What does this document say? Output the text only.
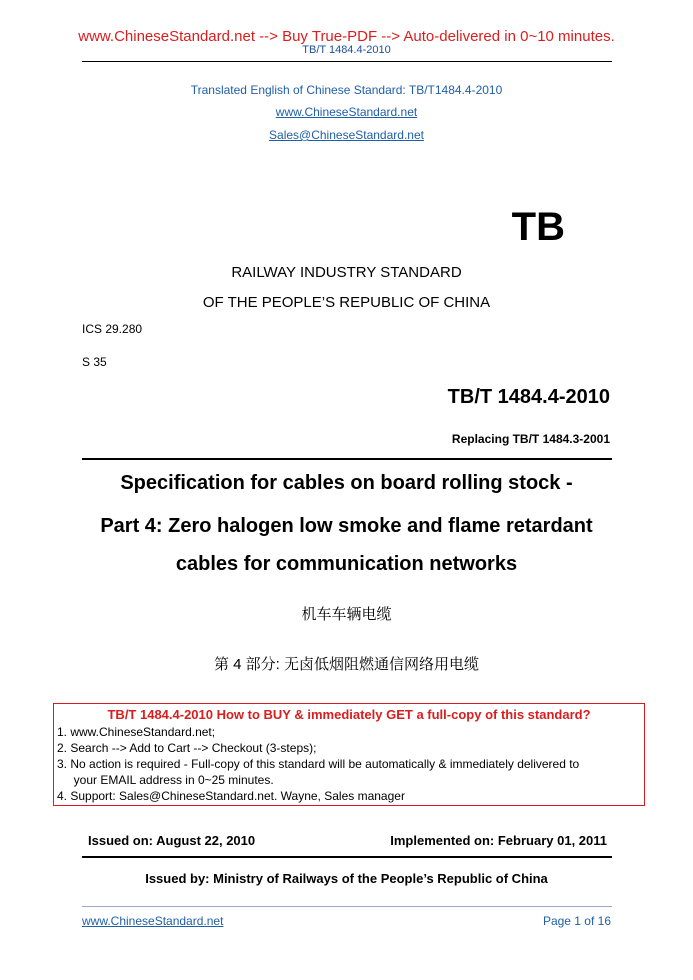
www.ChineseStandard.net --> Buy True-PDF --> Auto-delivered in 0~10 minutes.
TB/T 1484.4-2010
Translated English of Chinese Standard: TB/T1484.4-2010
www.ChineseStandard.net
Sales@ChineseStandard.net
TB
RAILWAY INDUSTRY STANDARD
OF THE PEOPLE’S REPUBLIC OF CHINA
ICS 29.280
S 35
TB/T 1484.4-2010
Replacing TB/T 1484.3-2001
Specification for cables on board rolling stock -
Part 4: Zero halogen low smoke and flame retardant
cables for communication networks
机车车辆电缆
第 4 部分: 无卤低烟阻燃通信网络用电缆
TB/T 1484.4-2010 How to BUY & immediately GET a full-copy of this standard?
1. www.ChineseStandard.net;
2. Search --> Add to Cart --> Checkout (3-steps);
3. No action is required - Full-copy of this standard will be automatically & immediately delivered to
your EMAIL address in 0~25 minutes.
4. Support: Sales@ChineseStandard.net. Wayne, Sales manager
Issued on: August 22, 2010	Implemented on: February 01, 2011
Issued by: Ministry of Railways of the People’s Republic of China
www.ChineseStandard.net	Page 1 of 16
